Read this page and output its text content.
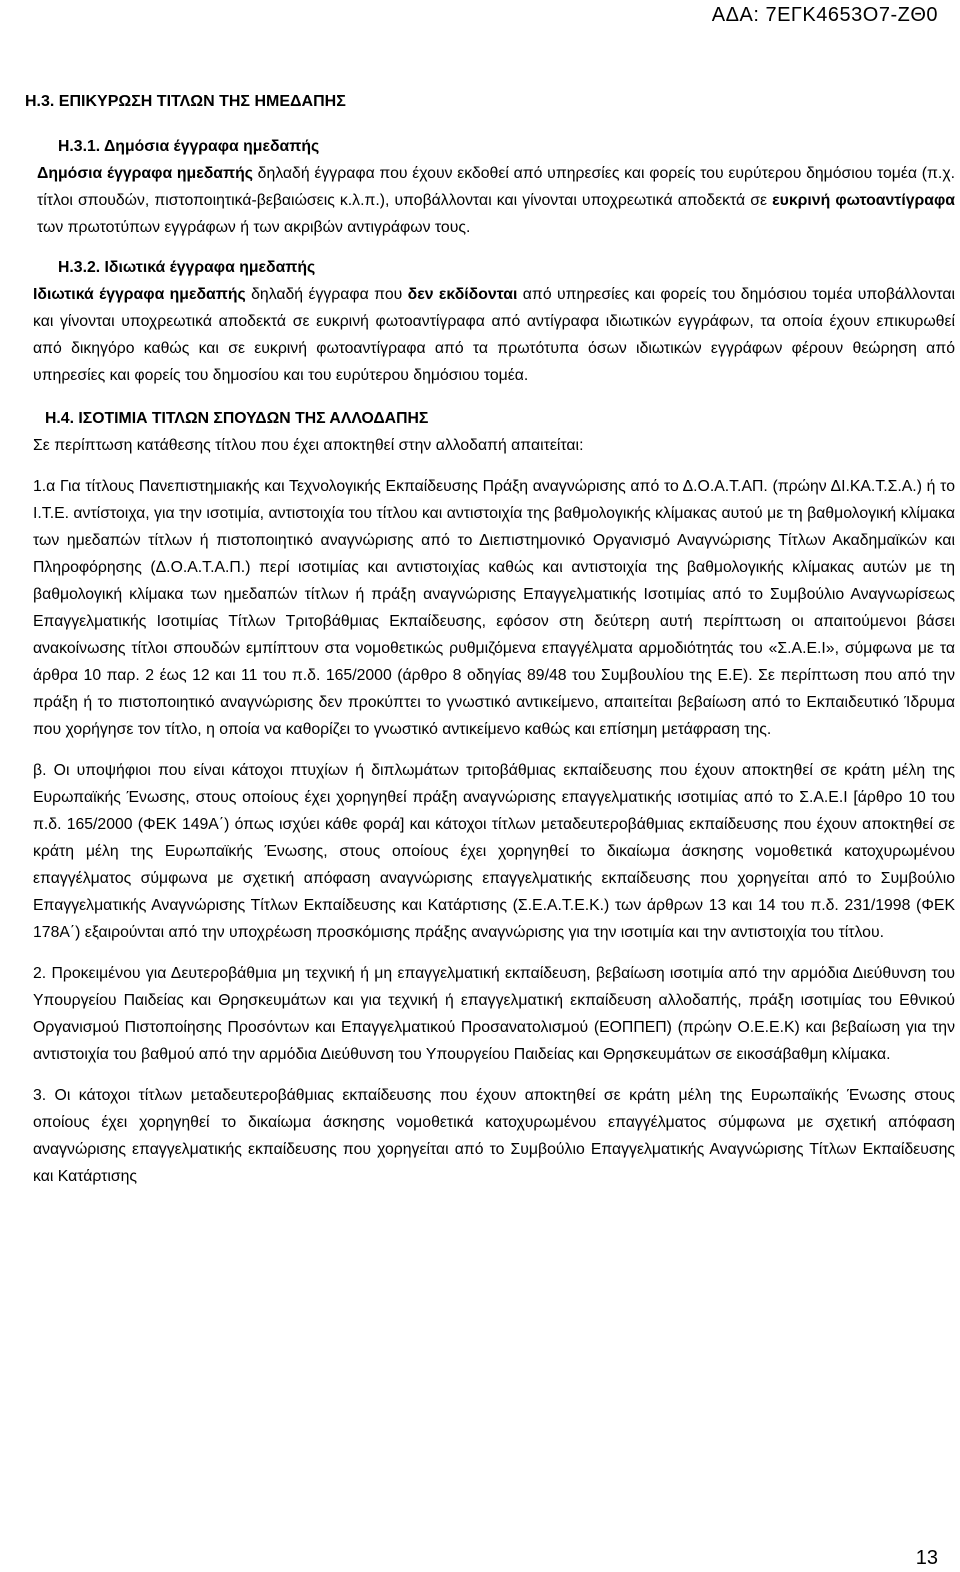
ΑΔΑ: 7ΕΓΚ4653Ο7-ΖΘ0

Η.3. ΕΠΙΚΥΡΩΣΗ ΤΙΤΛΩΝ ΤΗΣ ΗΜΕΔΑΠΗΣ

Η.3.1. Δημόσια έγγραφα ημεδαπής

Δημόσια έγγραφα ημεδαπής δηλαδή έγγραφα που έχουν εκδοθεί από υπηρεσίες και φορείς του ευρύτερου δημόσιου τομέα (π.χ. τίτλοι σπουδών, πιστοποιητικά-βεβαιώσεις κ.λ.π.), υποβάλλονται και γίνονται υποχρεωτικά αποδεκτά σε ευκρινή φωτοαντίγραφα των πρωτοτύπων εγγράφων ή των ακριβών αντιγράφων τους.

Η.3.2. Ιδιωτικά έγγραφα ημεδαπής

Ιδιωτικά έγγραφα ημεδαπής δηλαδή έγγραφα που δεν εκδίδονται από υπηρεσίες και φορείς του δημόσιου τομέα υποβάλλονται και γίνονται υποχρεωτικά αποδεκτά σε ευκρινή φωτοαντίγραφα από αντίγραφα ιδιωτικών εγγράφων, τα οποία έχουν επικυρωθεί από δικηγόρο καθώς και σε ευκρινή φωτοαντίγραφα από τα πρωτότυπα όσων ιδιωτικών εγγράφων φέρουν θεώρηση από υπηρεσίες και φορείς του δημοσίου και του ευρύτερου δημόσιου τομέα.

Η.4. ΙΣΟΤΙΜΙΑ ΤΙΤΛΩΝ ΣΠΟΥΔΩΝ ΤΗΣ ΑΛΛΟΔΑΠΗΣ

Σε περίπτωση κατάθεσης τίτλου που έχει αποκτηθεί στην αλλοδαπή απαιτείται:

1.α Για τίτλους Πανεπιστημιακής και Τεχνολογικής Εκπαίδευσης Πράξη αναγνώρισης από το Δ.Ο.Α.Τ.ΑΠ. (πρώην ΔΙ.ΚΑ.Τ.Σ.Α.) ή το Ι.Τ.Ε. αντίστοιχα, για την ισοτιμία, αντιστοιχία του τίτλου και αντιστοιχία της βαθμολογικής κλίμακας αυτού με τη βαθμολογική κλίμακα των ημεδαπών τίτλων ή πιστοποιητικό αναγνώρισης από το Διεπιστημονικό Οργανισμό Αναγνώρισης Τίτλων Ακαδημαϊκών και Πληροφόρησης (Δ.Ο.Α.Τ.Α.Π.) περί ισοτιμίας και αντιστοιχίας καθώς και αντιστοιχία της βαθμολογικής κλίμακας αυτών με τη βαθμολογική κλίμακα των ημεδαπών τίτλων ή πράξη αναγνώρισης Επαγγελματικής Ισοτιμίας από το Συμβούλιο Αναγνωρίσεως Επαγγελματικής Ισοτιμίας Τίτλων Τριτοβάθμιας Εκπαίδευσης, εφόσον στη δεύτερη αυτή περίπτωση οι απαιτούμενοι βάσει ανακοίνωσης τίτλοι σπουδών εμπίπτουν στα νομοθετικώς ρυθμιζόμενα επαγγέλματα αρμοδιότητάς του «Σ.Α.Ε.Ι», σύμφωνα με τα άρθρα 10 παρ. 2 έως 12 και 11 του π.δ. 165/2000 (άρθρο 8 οδηγίας 89/48 του Συμβουλίου της Ε.Ε). Σε περίπτωση που από την πράξη ή το πιστοποιητικό αναγνώρισης δεν προκύπτει το γνωστικό αντικείμενο, απαιτείται βεβαίωση από το Εκπαιδευτικό Ίδρυμα που χορήγησε τον τίτλο, η οποία να καθορίζει το γνωστικό αντικείμενο καθώς και επίσημη μετάφραση της.

β. Οι υποψήφιοι που είναι κάτοχοι πτυχίων ή διπλωμάτων τριτοβάθμιας εκπαίδευσης που έχουν αποκτηθεί σε κράτη μέλη της Ευρωπαϊκής Ένωσης, στους οποίους έχει χορηγηθεί πράξη αναγνώρισης επαγγελματικής ισοτιμίας από το Σ.Α.Ε.Ι [άρθρο 10 του π.δ. 165/2000 (ΦΕΚ 149Α΄) όπως ισχύει κάθε φορά] και κάτοχοι τίτλων μεταδευτεροβάθμιας εκπαίδευσης που έχουν αποκτηθεί σε κράτη μέλη της Ευρωπαϊκής Ένωσης, στους οποίους έχει χορηγηθεί το δικαίωμα άσκησης νομοθετικά κατοχυρωμένου επαγγέλματος σύμφωνα με σχετική απόφαση αναγνώρισης επαγγελματικής εκπαίδευσης που χορηγείται από το Συμβούλιο Επαγγελματικής Αναγνώρισης Τίτλων Εκπαίδευσης και Κατάρτισης (Σ.Ε.Α.Τ.Ε.Κ.) των άρθρων 13 και 14 του π.δ. 231/1998 (ΦΕΚ 178Α΄) εξαιρούνται από την υποχρέωση προσκόμισης πράξης αναγνώρισης για την ισοτιμία και την αντιστοιχία του τίτλου.

2. Προκειμένου για Δευτεροβάθμια μη τεχνική ή μη επαγγελματική εκπαίδευση, βεβαίωση ισοτιμία από την αρμόδια Διεύθυνση του Υπουργείου Παιδείας και Θρησκευμάτων και για τεχνική ή επαγγελματική εκπαίδευση αλλοδαπής, πράξη ισοτιμίας του Εθνικού Οργανισμού Πιστοποίησης Προσόντων και Επαγγελματικού Προσανατολισμού (ΕΟΠΠΕΠ) (πρώην Ο.Ε.Ε.Κ) και βεβαίωση για την αντιστοιχία του βαθμού από την αρμόδια Διεύθυνση του Υπουργείου Παιδείας και Θρησκευμάτων σε εικοσάβαθμη κλίμακα.

3. Οι κάτοχοι τίτλων μεταδευτεροβάθμιας εκπαίδευσης που έχουν αποκτηθεί σε κράτη μέλη της Ευρωπαϊκής Ένωσης στους οποίους έχει χορηγηθεί το δικαίωμα άσκησης νομοθετικά κατοχυρωμένου επαγγέλματος σύμφωνα με σχετική απόφαση αναγνώρισης επαγγελματικής εκπαίδευσης που χορηγείται από το Συμβούλιο Επαγγελματικής Αναγνώρισης Τίτλων Εκπαίδευσης και Κατάρτισης

13
